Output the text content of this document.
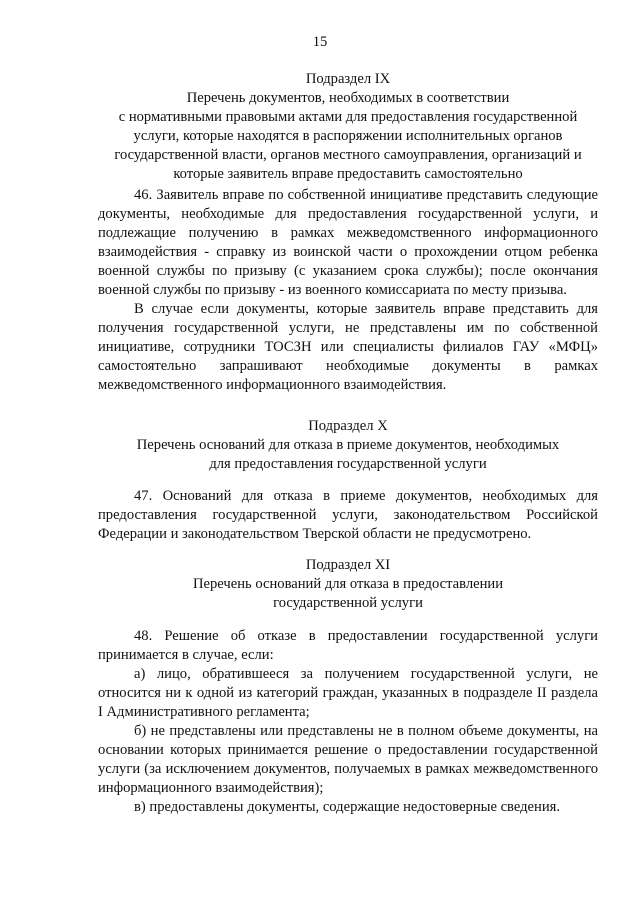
15
Подраздел IX
Перечень документов, необходимых в соответствии
с нормативными правовыми актами для предоставления государственной
услуги, которые находятся в распоряжении исполнительных органов
государственной власти, органов местного самоуправления, организаций и
которые заявитель вправе предоставить самостоятельно

46. Заявитель вправе по собственной инициативе представить следующие документы, необходимые для предоставления государственной услуги, и подлежащие получению в рамках межведомственного информационного взаимодействия - справку из воинской части о прохождении отцом ребенка военной службы по призыву (с указанием срока службы); после окончания военной службы по призыву - из военного комиссариата по месту призыва.

В случае если документы, которые заявитель вправе представить для получения государственной услуги, не представлены им по собственной инициативе, сотрудники ТОСЗН или специалисты филиалов ГАУ «МФЦ» самостоятельно запрашивают необходимые документы в рамках межведомственного информационного взаимодействия.

Подраздел X
Перечень оснований для отказа в приеме документов, необходимых
для предоставления государственной услуги

47. Оснований для отказа в приеме документов, необходимых для предоставления государственной услуги, законодательством Российской Федерации и законодательством Тверской области не предусмотрено.

Подраздел XI
Перечень оснований для отказа в предоставлении
государственной услуги

48. Решение об отказе в предоставлении государственной услуги принимается в случае, если:

а) лицо, обратившееся за получением государственной услуги, не относится ни к одной из категорий граждан, указанных в подразделе II раздела I Административного регламента;

б) не представлены или представлены не в полном объеме документы, на основании которых принимается решение о предоставлении государственной услуги (за исключением документов, получаемых в рамках межведомственного информационного взаимодействия);

в) предоставлены документы, содержащие недостоверные сведения.
